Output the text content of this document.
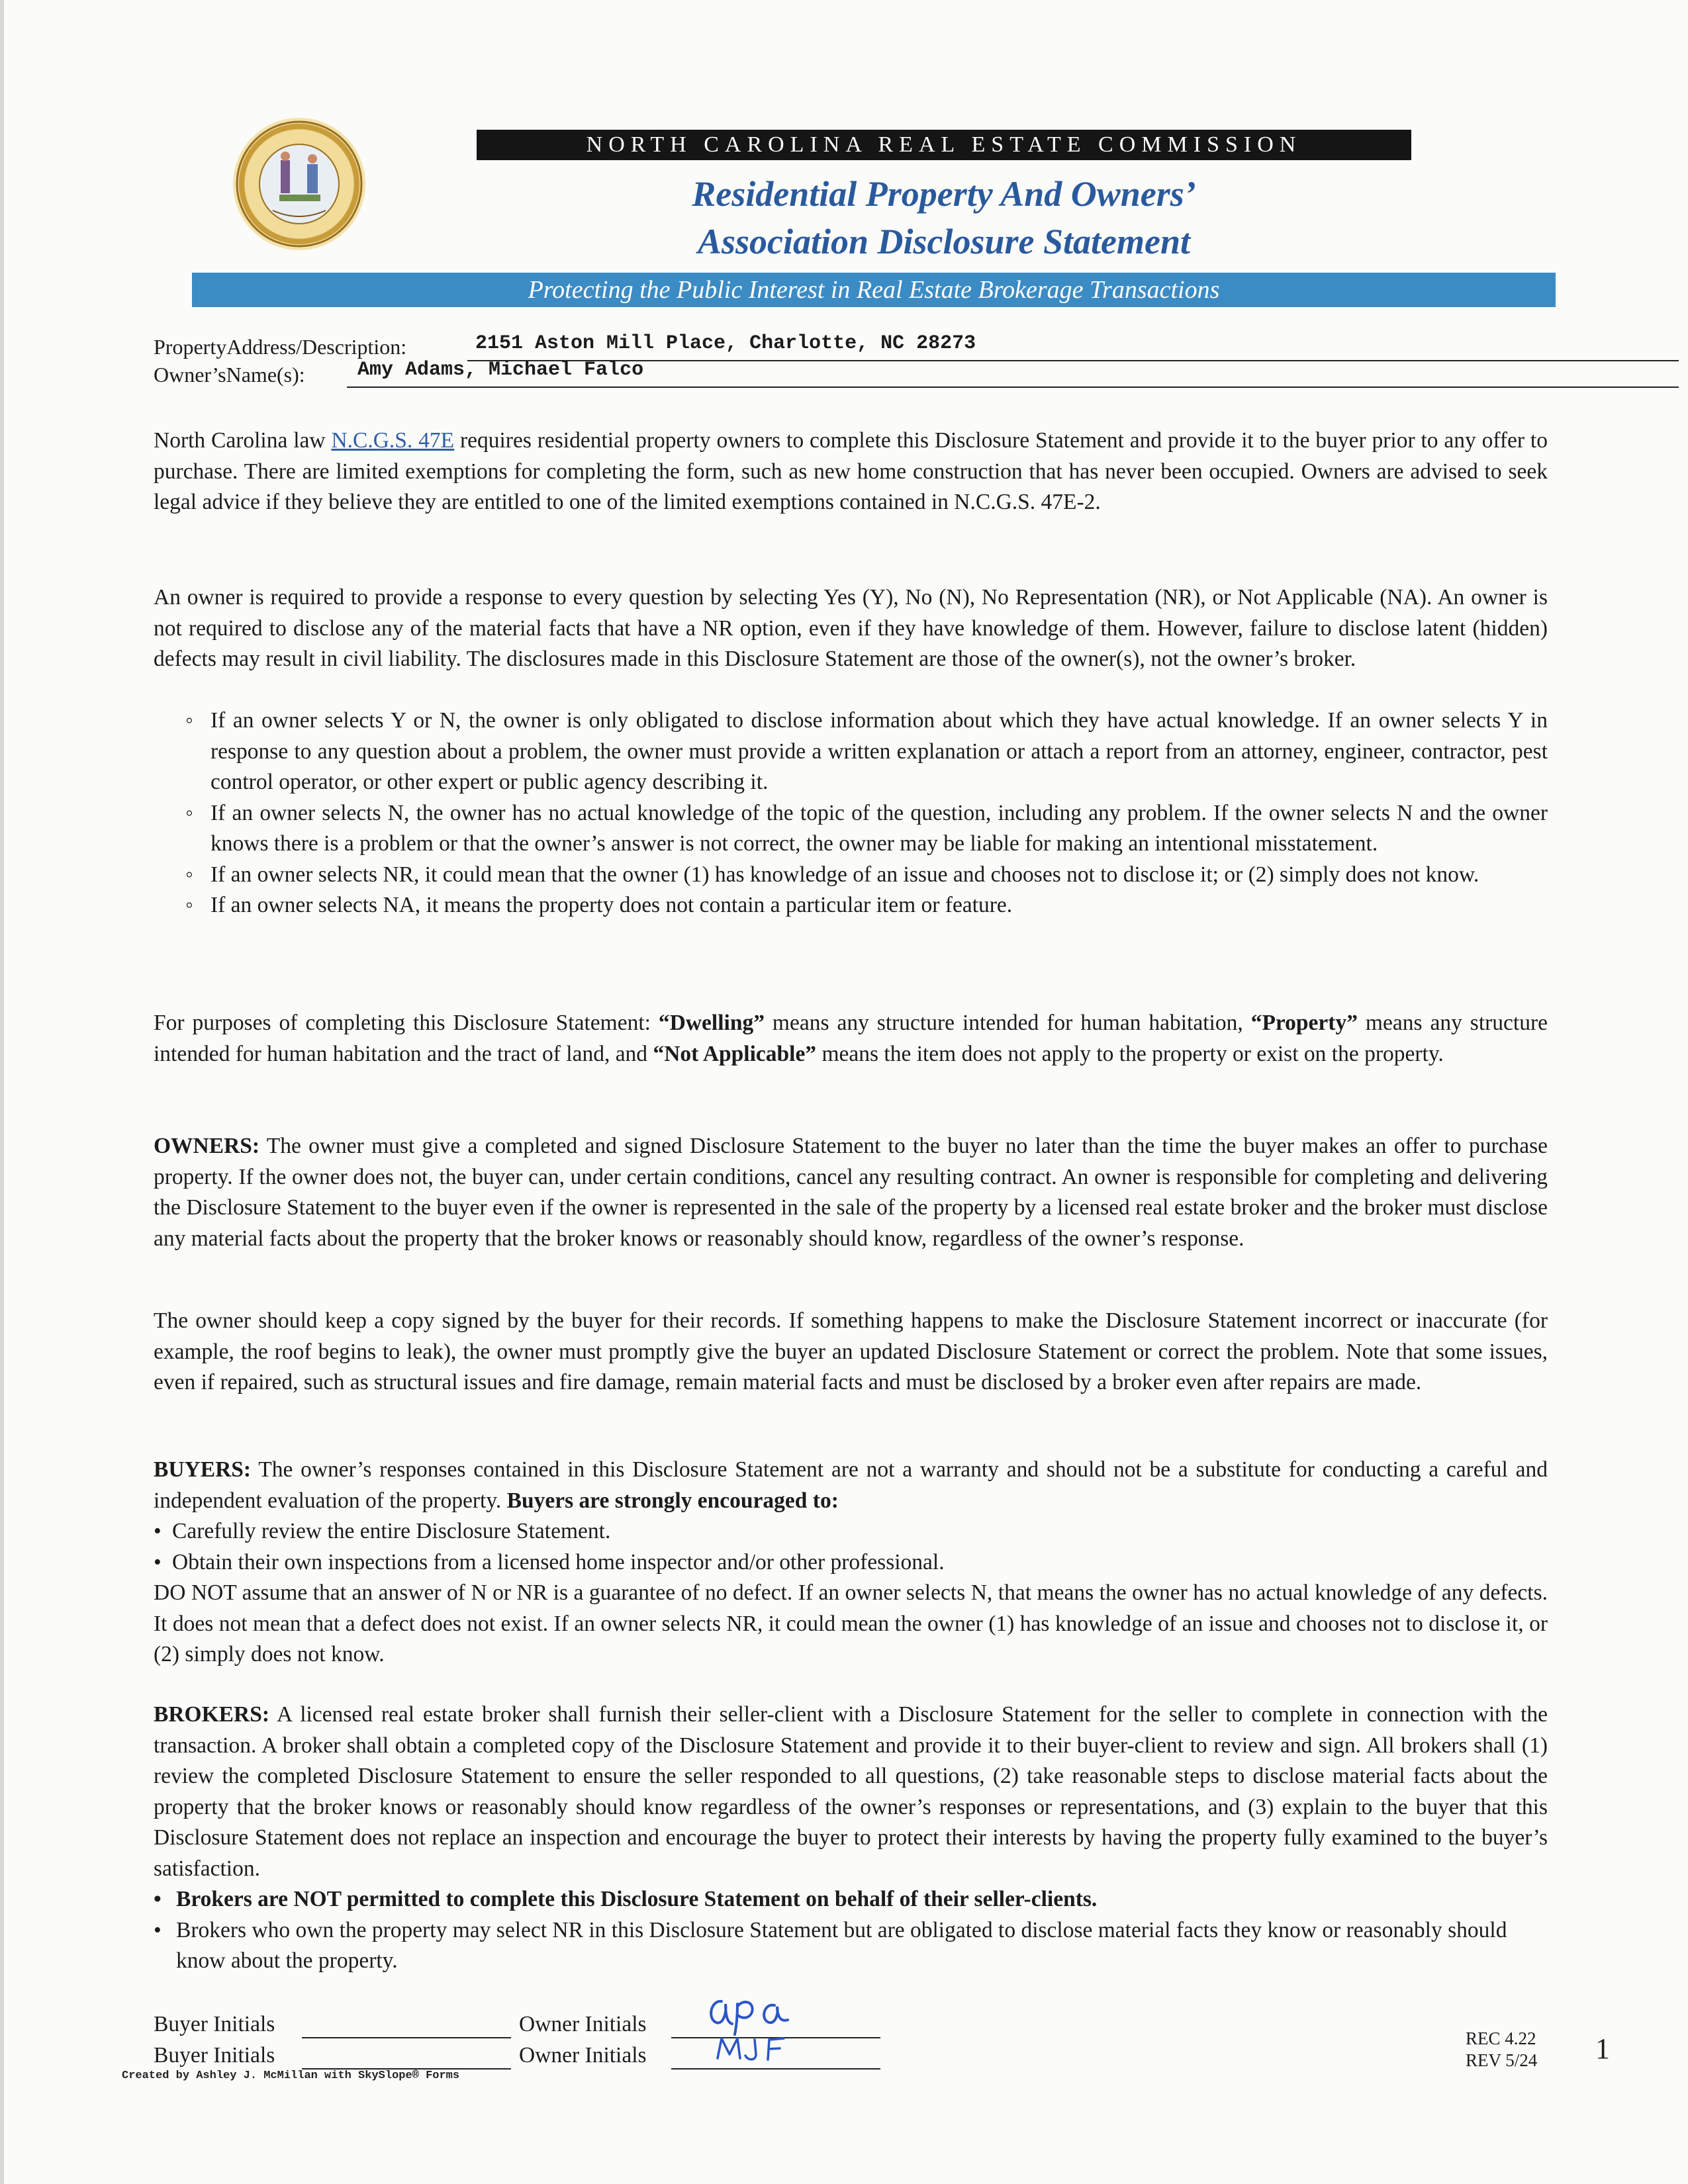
NORTH CAROLINA REAL ESTATE COMMISSION
Residential Property And Owners’
Association Disclosure Statement
Protecting the Public Interest in Real Estate Brokerage Transactions
PropertyAddress/Description:	2151 Aston Mill Place, Charlotte, NC 28273
Owner’sName(s):	Amy Adams, Michael Falco

North Carolina law N.C.G.S. 47E requires residential property owners to complete this Disclosure Statement and provide it to the buyer prior to any offer to purchase. There are limited exemptions for completing the form, such as new home construction that has never been occupied. Owners are advised to seek legal advice if they believe they are entitled to one of the limited exemptions contained in N.C.G.S. 47E-2.

An owner is required to provide a response to every question by selecting Yes (Y), No (N), No Representation (NR), or Not Applicable (NA). An owner is not required to disclose any of the material facts that have a NR option, even if they have knowledge of them. However, failure to disclose latent (hidden) defects may result in civil liability. The disclosures made in this Disclosure Statement are those of the owner(s), not the owner’s broker.

◦ If an owner selects Y or N, the owner is only obligated to disclose information about which they have actual knowledge. If an owner selects Y in response to any question about a problem, the owner must provide a written explanation or attach a report from an attorney, engineer, contractor, pest control operator, or other expert or public agency describing it.

◦ If an owner selects N, the owner has no actual knowledge of the topic of the question, including any problem. If the owner selects N and the owner knows there is a problem or that the owner’s answer is not correct, the owner may be liable for making an intentional misstatement.

◦ If an owner selects NR, it could mean that the owner (1) has knowledge of an issue and chooses not to disclose it; or (2) simply does not know.

◦ If an owner selects NA, it means the property does not contain a particular item or feature.

For purposes of completing this Disclosure Statement: “Dwelling” means any structure intended for human habitation, “Property” means any structure intended for human habitation and the tract of land, and “Not Applicable” means the item does not apply to the property or exist on the property.

OWNERS: The owner must give a completed and signed Disclosure Statement to the buyer no later than the time the buyer makes an offer to purchase property. If the owner does not, the buyer can, under certain conditions, cancel any resulting contract. An owner is responsible for completing and delivering the Disclosure Statement to the buyer even if the owner is represented in the sale of the property by a licensed real estate broker and the broker must disclose any material facts about the property that the broker knows or reasonably should know, regardless of the owner’s response.

The owner should keep a copy signed by the buyer for their records. If something happens to make the Disclosure Statement incorrect or inaccurate (for example, the roof begins to leak), the owner must promptly give the buyer an updated Disclosure Statement or correct the problem. Note that some issues, even if repaired, such as structural issues and fire damage, remain material facts and must be disclosed by a broker even after repairs are made.

BUYERS: The owner’s responses contained in this Disclosure Statement are not a warranty and should not be a substitute for conducting a careful and independent evaluation of the property. Buyers are strongly encouraged to:

• Carefully review the entire Disclosure Statement.

• Obtain their own inspections from a licensed home inspector and/or other professional.

DO NOT assume that an answer of N or NR is a guarantee of no defect. If an owner selects N, that means the owner has no actual knowledge of any defects. It does not mean that a defect does not exist. If an owner selects NR, it could mean the owner (1) has knowledge of an issue and chooses not to disclose it, or (2) simply does not know.

BROKERS: A licensed real estate broker shall furnish their seller-client with a Disclosure Statement for the seller to complete in connection with the transaction. A broker shall obtain a completed copy of the Disclosure Statement and provide it to their buyer-client to review and sign. All brokers shall (1) review the completed Disclosure Statement to ensure the seller responded to all questions, (2) take reasonable steps to disclose material facts about the property that the broker knows or reasonably should know regardless of the owner’s responses or representations, and (3) explain to the buyer that this Disclosure Statement does not replace an inspection and encourage the buyer to protect their interests by having the property fully examined to the buyer’s satisfaction.

• Brokers are NOT permitted to complete this Disclosure Statement on behalf of their seller-clients.

• Brokers who own the property may select NR in this Disclosure Statement but are obligated to disclose material facts they know or reasonably should know about the property.

Buyer Initials
Buyer Initials
Owner Initials
Owner Initials
Created by Ashley J. McMillan with SkySlope® Forms
REC 4.22
REV 5/24 1
